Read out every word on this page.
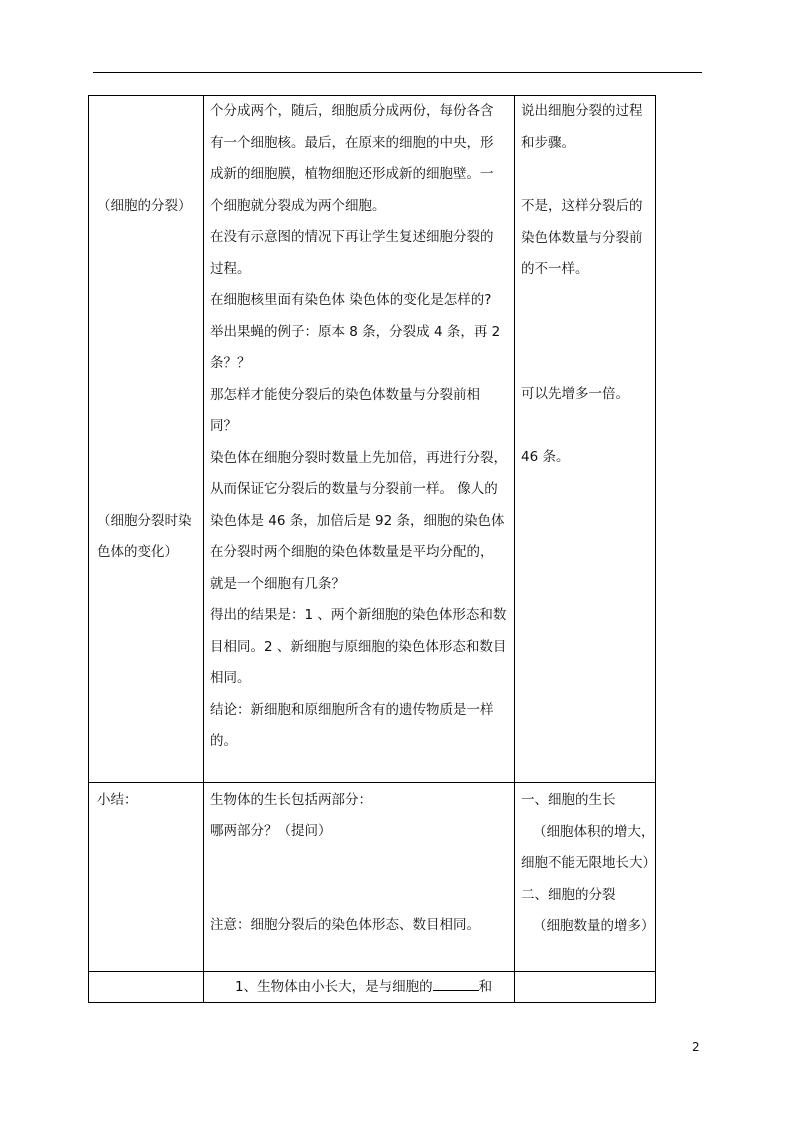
（细胞的分裂）
（细胞分裂时染
色体的变化）
个分成两个，随后，细胞质分成两份，每份各含
有一个细胞核。最后，在原来的细胞的中央，形
成新的细胞膜，植物细胞还形成新的细胞壁。一
个细胞就分裂成为两个细胞。
在没有示意图的情况下再让学生复述细胞分裂的
过程。
在细胞核里面有染色体 染色体的变化是怎样的?
举出果蝇的例子：原本 8 条，分裂成 4 条，再 2
条？？
那怎样才能使分裂后的染色体数量与分裂前相
同？
染色体在细胞分裂时数量上先加倍，再进行分裂，
从而保证它分裂后的数量与分裂前一样。 像人的
染色体是 46 条，加倍后是 92 条，细胞的染色体
在分裂时两个细胞的染色体数量是平均分配的，
就是一个细胞有几条？
得出的结果是：1 、两个新细胞的染色体形态和数
目相同。2 、新细胞与原细胞的染色体形态和数目
相同。
结论：新细胞和原细胞所含有的遗传物质是一样
的。
说出细胞分裂的过程
和步骤。
不是，这样分裂后的
染色体数量与分裂前
的不一样。
可以先增多一倍。
46 条。
小结：	生物体的生长包括两部分：
哪两部分？（提问）
注意：细胞分裂后的染色体形态、数目相同。
一、细胞的生长
（细胞体积的增大，
细胞不能无限地长大）
二、细胞的分裂
（细胞数量的增多）
1、生物体由小长大，是与细胞的	和
2
